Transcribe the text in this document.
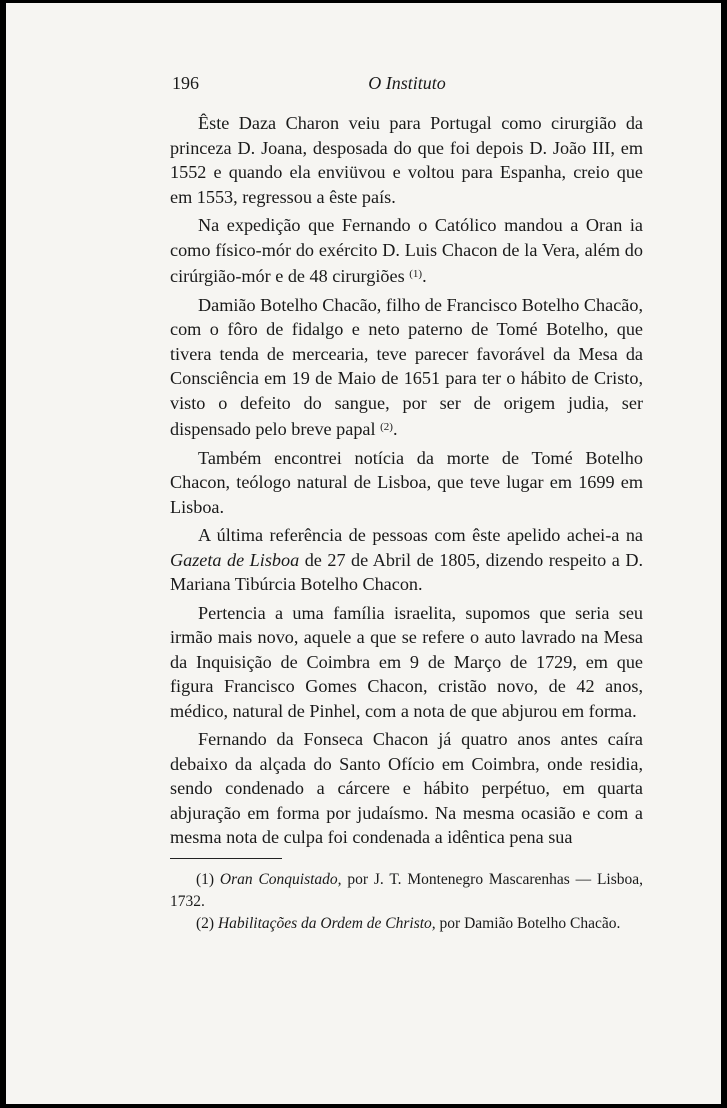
196	O Instituto

Êste Daza Charon veiu para Portugal como cirurgião da princeza D. Joana, desposada do que foi depois D. João III, em 1552 e quando ela enviüvou e voltou para Espanha, creio que em 1553, regressou a êste país.

Na expedição que Fernando o Católico mandou a Oran ia como físico-mór do exército D. Luis Chacon de la Vera, além do cirúrgião-mór e de 48 cirurgiões $^{(1)}$.

Damião Botelho Chacão, filho de Francisco Botelho Chacão, com o fôro de fidalgo e neto paterno de Tomé Botelho, que tivera tenda de mercearia, teve parecer favorável da Mesa da Consciência em 19 de Maio de 1651 para ter o hábito de Cristo, visto o defeito do sangue, por ser de origem judia, ser dispensado pelo breve papal $^{(2)}$.

Também encontrei notícia da morte de Tomé Botelho Chacon, teólogo natural de Lisboa, que teve lugar em 1699 em Lisboa.

A última referência de pessoas com êste apelido achei-a na Gazeta de Lisboa de 27 de Abril de 1805, dizendo respeito a D. Mariana Tibúrcia Botelho Chacon.

Pertencia a uma família israelita, supomos que seria seu irmão mais novo, aquele a que se refere o auto lavrado na Mesa da Inquisição de Coimbra em 9 de Março de 1729, em que figura Francisco Gomes Chacon, cristão novo, de 42 anos, médico, natural de Pinhel, com a nota de que abjurou em forma.

Fernando da Fonseca Chacon já quatro anos antes caíra debaixo da alçada do Santo Ofício em Coimbra, onde residia, sendo condenado a cárcere e hábito perpétuo, em quarta abjuração em forma por judaísmo. Na mesma ocasião e com a mesma nota de culpa foi condenada a idêntica pena sua

(1) Oran Conquistado, por J. T. Montenegro Mascarenhas — Lisboa, 1732.

(2) Habilitações da Ordem de Christo, por Damião Botelho Chacão.
